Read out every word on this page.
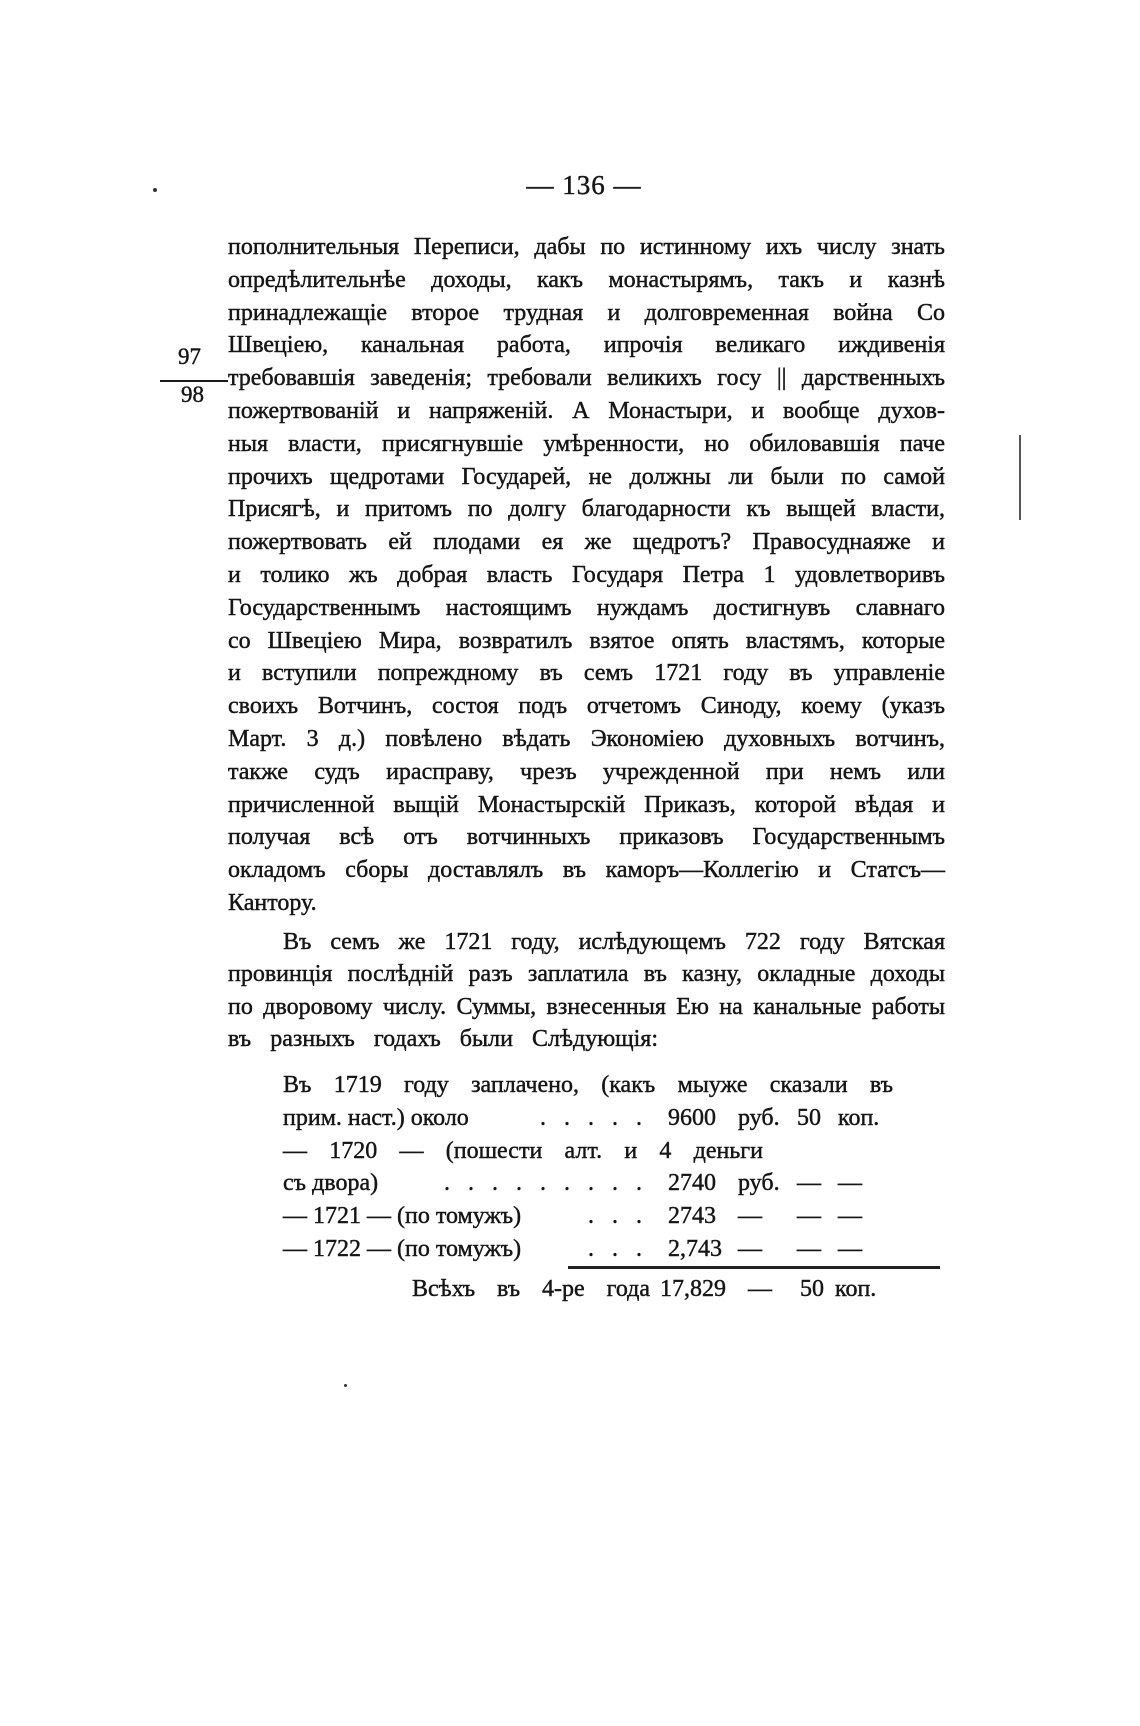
— 136 —
97
98
пополнительныя Переписи, дабы по истинному ихъ числу знать
опредѣлительнѣе доходы, какъ монастырямъ, такъ и казнѣ
принадлежащіе второе трудная и долговременная война Со
Швеціею, канальная работа, ипрочія великаго иждивенія
требовавшія заведенія; требовали великихъ госу || дарственныхъ
пожертвованій и напряженій. А Монастыри, и вообще духов-
ныя власти, присягнувшіе умѣренности, но обиловавшія паче
прочихъ щедротами Государей, не должны ли были по самой
Присягѣ, и притомъ по долгу благодарности къ выщей власти,
пожертвовать ей плодами ея же щедротъ? Правосуднаяже и
и толико жъ добрая власть Государя Петра 1 удовлетворивъ
Государственнымъ настоящимъ нуждамъ достигнувъ славнаго
со Швеціею Мира, возвратилъ взятое опять властямъ, которые
и вступили попреждному въ семъ 1721 году въ управленіе
своихъ Вотчинъ, состоя подъ отчетомъ Синоду, коему (указъ
Март. 3 д.) повѣлено вѣдать Экономіею духовныхъ вотчинъ,
также судъ ирасправу, чрезъ учрежденной при немъ или
причисленной выщій Монастырскій Приказъ, которой вѣдая и
получая всѣ отъ вотчинныхъ приказовъ Государственнымъ
окладомъ сборы доставлялъ въ каморъ—Коллегію и Статсъ—
Кантору.
Въ семъ же 1721 году, ислѣдующемъ 722 году Вятская
провинція послѣдній разъ заплатила въ казну, окладные доходы
по дворовому числу. Суммы, взнесенныя Ею на канальные работы
въ разныхъ годахъ были Слѣдующія:
Въ 1719 году заплачено, (какъ мыуже сказали въ
прим. наст.) около	. . . . . 9600 руб. 50 коп.
— 1720 — (пошести алт. и 4 деньги
съ двора)	. . . . . . . . . 2740 руб. — —
— 1721 — (по томужъ)	. . . 2743 — — —
— 1722 — (по томужъ)	. . . 2,743 — — —
Всѣхъ въ 4-ре года 17,829 — 50 коп.
